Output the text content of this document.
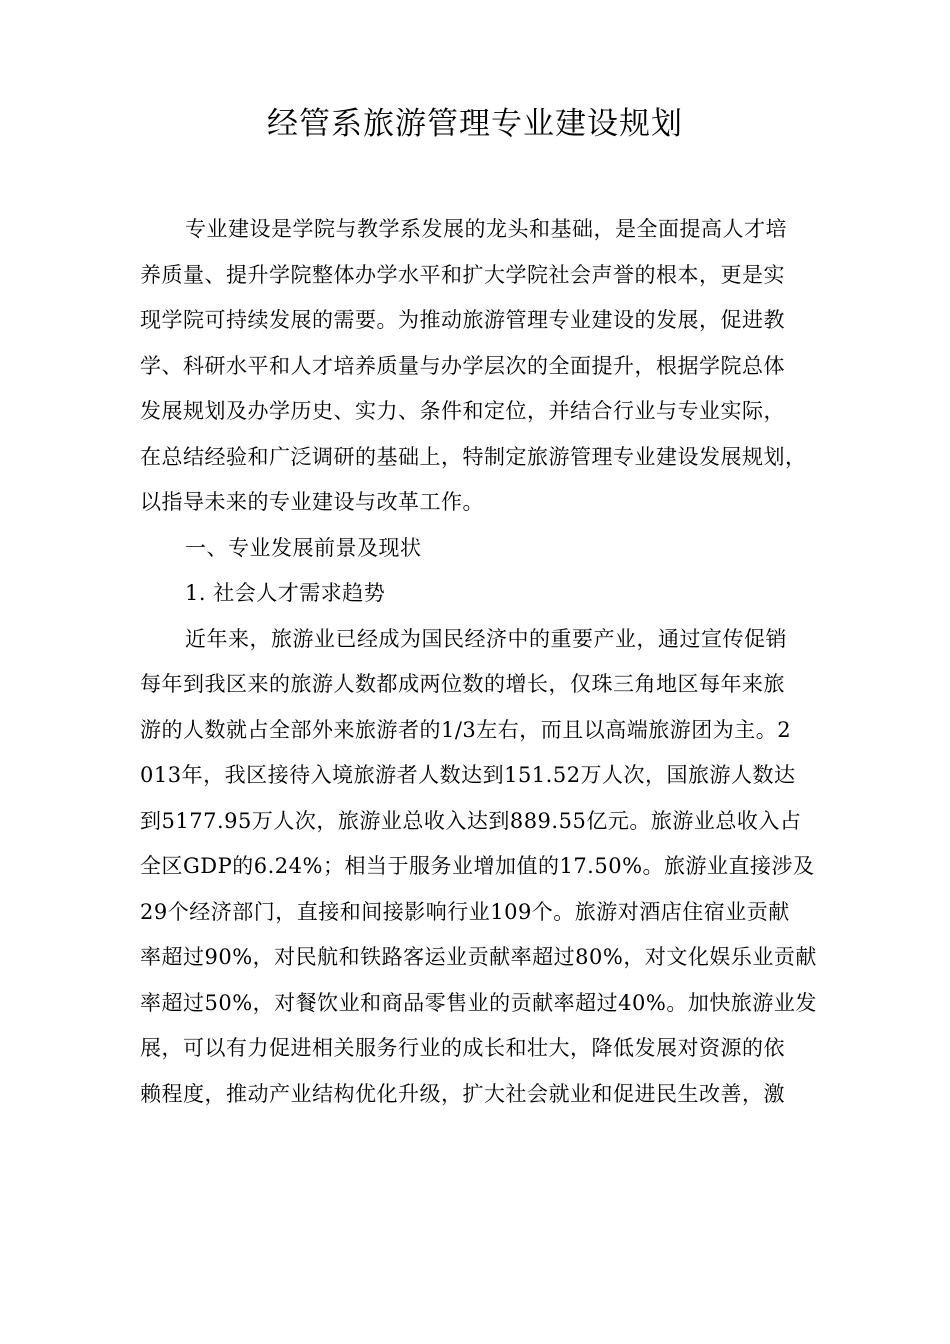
经管系旅游管理专业建设规划
专业建设是学院与教学系发展的龙头和基础，是全面提高人才培
养质量、提升学院整体办学水平和扩大学院社会声誉的根本，更是实
现学院可持续发展的需要。为推动旅游管理专业建设的发展，促进教
学、科研水平和人才培养质量与办学层次的全面提升，根据学院总体
发展规划及办学历史、实力、条件和定位，并结合行业与专业实际，
在总结经验和广泛调研的基础上，特制定旅游管理专业建设发展规划，
以指导未来的专业建设与改革工作。
一、专业发展前景及现状
1. 社会人才需求趋势
近年来，旅游业已经成为国民经济中的重要产业，通过宣传促销
每年到我区来的旅游人数都成两位数的增长，仅珠三角地区每年来旅
游的人数就占全部外来旅游者的1/3左右，而且以高端旅游团为主。2
013年，我区接待入境旅游者人数达到151.52万人次，国旅游人数达
到5177.95万人次，旅游业总收入达到889.55亿元。旅游业总收入占
全区GDP的6.24%；相当于服务业增加值的17.50%。旅游业直接涉及
29个经济部门，直接和间接影响行业109个。旅游对酒店住宿业贡献
率超过90%，对民航和铁路客运业贡献率超过80%，对文化娱乐业贡献
率超过50%，对餐饮业和商品零售业的贡献率超过40%。加快旅游业发
展，可以有力促进相关服务行业的成长和壮大，降低发展对资源的依
赖程度，推动产业结构优化升级，扩大社会就业和促进民生改善，激
